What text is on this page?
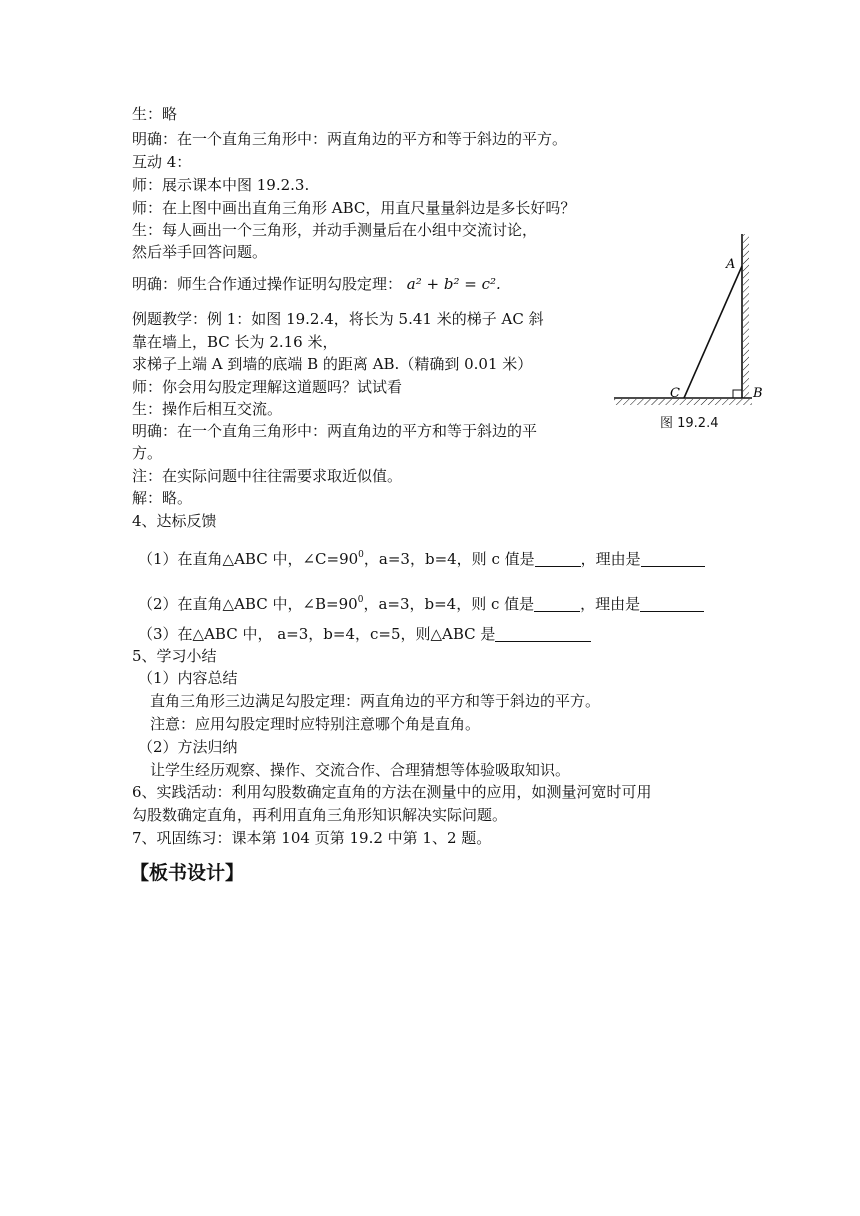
生：略
明确：在一个直角三角形中：两直角边的平方和等于斜边的平方。
互动 4：
师：展示课本中图 19.2.3.
师：在上图中画出直角三角形 ABC，用直尺量量斜边是多长好吗？
生：每人画出一个三角形，并动手测量后在小组中交流讨论，
然后举手回答问题。
明确：师生合作通过操作证明勾股定理： a² + b² = c².
例题教学：例 1：如图 19.2.4，将长为 5.41 米的梯子 AC 斜
靠在墙上，BC 长为 2.16 米，
求梯子上端 A 到墙的底端 B 的距离 AB.（精确到 0.01 米）
师：你会用勾股定理解这道题吗？试试看
生：操作后相互交流。
明确：在一个直角三角形中：两直角边的平方和等于斜边的平
方。
注：在实际问题中往往需要求取近似值。
解：略。
4、达标反馈
（1）在直角△ABC 中，$\angle C=90^0$，a=3，b=4，则 c 值是	，理由是
（2）在直角△ABC 中，$\angle B=90^0$，a=3，b=4，则 c 值是	，理由是
（3）在△ABC 中， a=3，b=4，c=5，则△ABC 是
5、学习小结
（1）内容总结
直角三角形三边满足勾股定理：两直角边的平方和等于斜边的平方。
注意：应用勾股定理时应特别注意哪个角是直角。
（2）方法归纳
让学生经历观察、操作、交流合作、合理猜想等体验吸取知识。
6、实践活动：利用勾股数确定直角的方法在测量中的应用，如测量河宽时可用
勾股数确定直角，再利用直角三角形知识解决实际问题。
7、巩固练习：课本第 104 页第 19.2 中第 1、2 题。
【板书设计】
A
B
C
图 19.2.4
